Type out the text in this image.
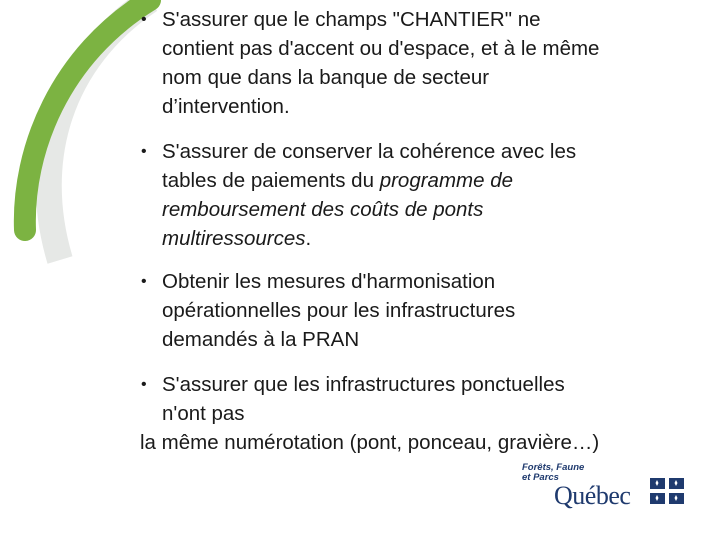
• S'assurer que le champs "CHANTIER" ne
contient pas d'accent ou d'espace, et à le même
nom que dans la banque de secteur
d’intervention.
• S'assurer de conserver la cohérence avec les
tables de paiements du programme de
remboursement des coûts de ponts
multiressources.
• Obtenir les mesures d'harmonisation
opérationnelles pour les infrastructures
demandés à la PRAN
• S'assurer que les infrastructures ponctuelles
n'ont pas
la même numérotation (pont, ponceau, gravière…)
Forêts, Faune
et Parcs
Québec
